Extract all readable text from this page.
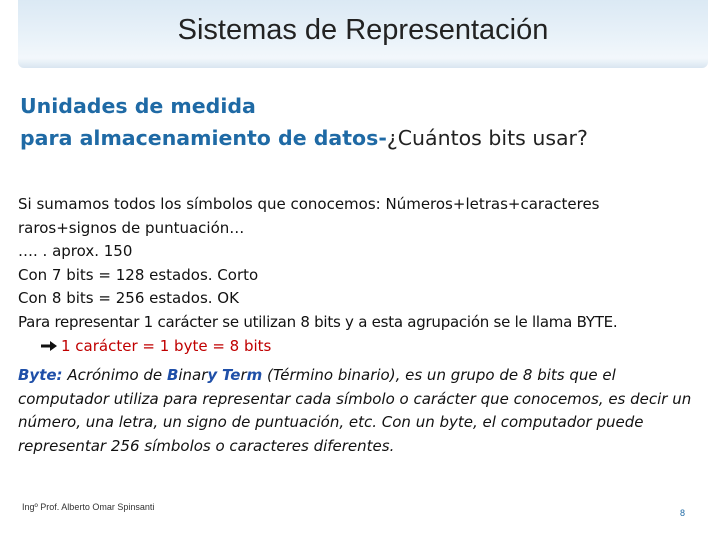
Sistemas de Representación
Unidades de medida
para almacenamiento de datos-¿Cuántos bits usar?
Si sumamos todos los símbolos que conocemos: Números+letras+caracteres
raros+signos de puntuación…
…. . aprox. 150
Con 7 bits = 128 estados. Corto
Con 8 bits = 256 estados. OK
Para representar 1 carácter se utilizan 8 bits y a esta agrupación se le llama BYTE.
1 carácter = 1 byte = 8 bits
Byte: Acrónimo de Binary Term (Término binario), es un grupo de 8 bits que el computador utiliza para representar cada símbolo o carácter que conocemos, es decir un número, una letra, un signo de puntuación, etc. Con un byte, el computador puede representar 256 símbolos o caracteres diferentes.
Ingº Prof. Alberto Omar Spinsanti
8
